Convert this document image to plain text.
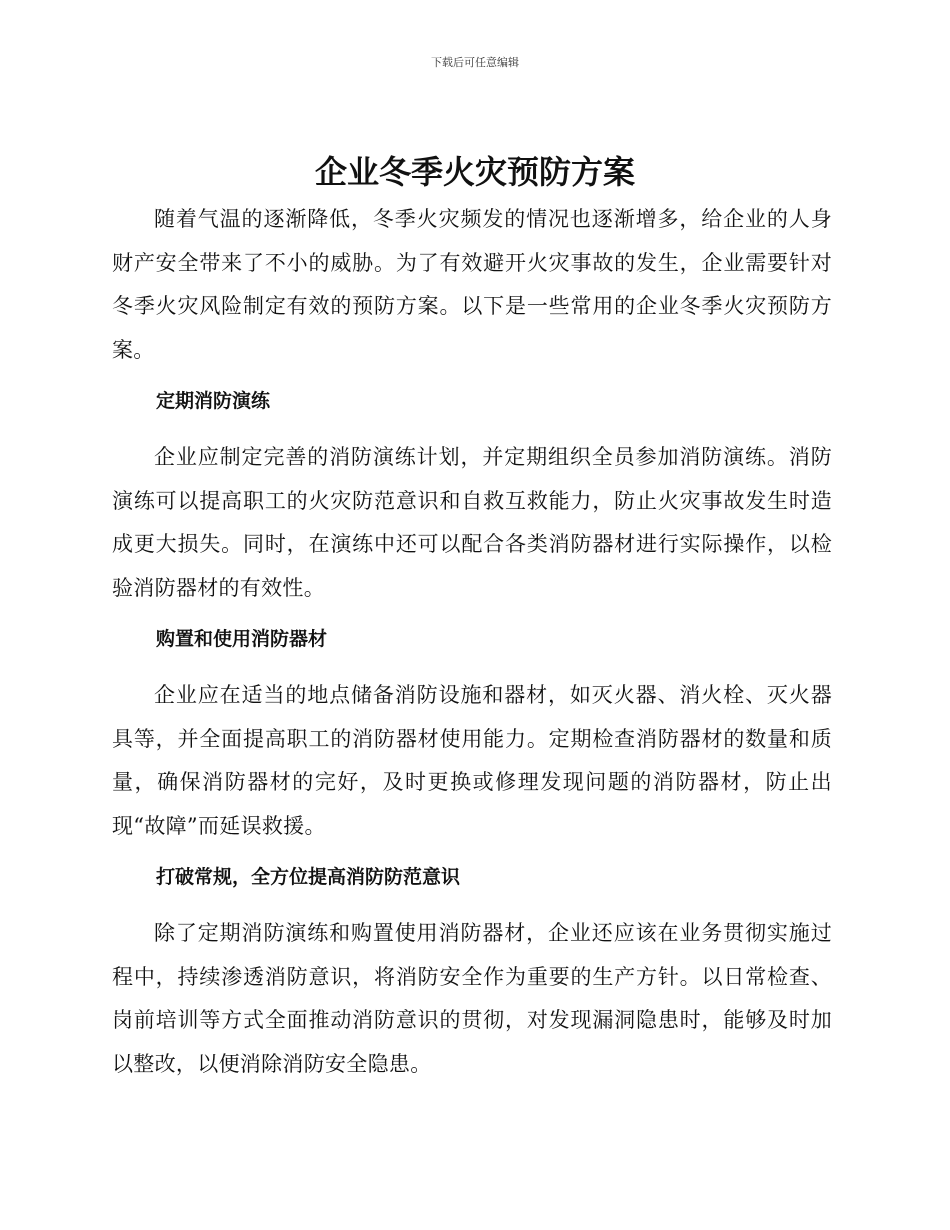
下载后可任意编辑
企业冬季火灾预防方案

随着气温的逐渐降低，冬季火灾频发的情况也逐渐增多，给企业的人身财产安全带来了不小的威胁。为了有效避开火灾事故的发生，企业需要针对冬季火灾风险制定有效的预防方案。以下是一些常用的企业冬季火灾预防方案。

定期消防演练

企业应制定完善的消防演练计划，并定期组织全员参加消防演练。消防演练可以提高职工的火灾防范意识和自救互救能力，防止火灾事故发生时造成更大损失。同时，在演练中还可以配合各类消防器材进行实际操作，以检验消防器材的有效性。

购置和使用消防器材

企业应在适当的地点储备消防设施和器材，如灭火器、消火栓、灭火器具等，并全面提高职工的消防器材使用能力。定期检查消防器材的数量和质量，确保消防器材的完好，及时更换或修理发现问题的消防器材，防止出现“故障”而延误救援。

打破常规，全方位提高消防防范意识

除了定期消防演练和购置使用消防器材，企业还应该在业务贯彻实施过程中，持续渗透消防意识，将消防安全作为重要的生产方针。以日常检查、岗前培训等方式全面推动消防意识的贯彻，对发现漏洞隐患时，能够及时加以整改，以便消除消防安全隐患。
